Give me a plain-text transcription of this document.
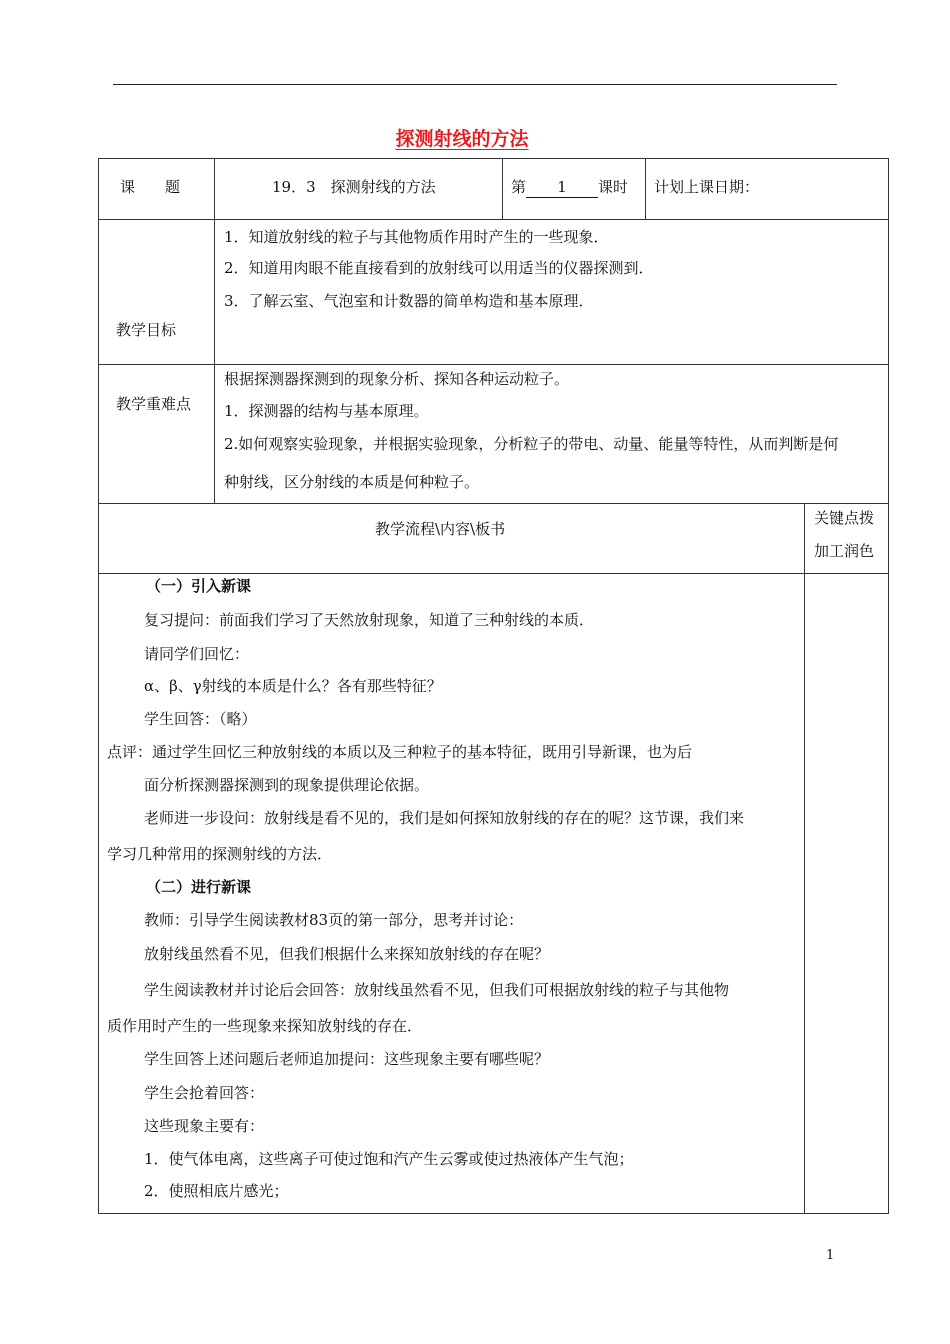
探测射线的方法
课　　题	19．3　探测射线的方法	第 1 课时 计划上课日期：
教学目标
1．知道放射线的粒子与其他物质作用时产生的一些现象．
2．知道用肉眼不能直接看到的放射线可以用适当的仪器探测到．
3．了解云室、气泡室和计数器的简单构造和基本原理．
教学重难点
根据探测器探测到的现象分析、探知各种运动粒子。
1．探测器的结构与基本原理。
2.如何观察实验现象，并根据实验现象，分析粒子的带电、动量、能量等特性，从而判断是何
种射线，区分射线的本质是何种粒子。
教学流程\内容\板书
关键点拨
加工润色
（一）引入新课
复习提问：前面我们学习了天然放射现象，知道了三种射线的本质．
请同学们回忆：
α、β、γ射线的本质是什么？各有那些特征？
学生回答：（略）
点评：通过学生回忆三种放射线的本质以及三种粒子的基本特征，既用引导新课，也为后
面分析探测器探测到的现象提供理论依据。
老师进一步设问：放射线是看不见的，我们是如何探知放射线的存在的呢？这节课，我们来
学习几种常用的探测射线的方法．
（二）进行新课
教师：引导学生阅读教材83页的第一部分，思考并讨论：
放射线虽然看不见，但我们根据什么来探知放射线的存在呢？
学生阅读教材并讨论后会回答：放射线虽然看不见，但我们可根据放射线的粒子与其他物
质作用时产生的一些现象来探知放射线的存在．
学生回答上述问题后老师追加提问：这些现象主要有哪些呢？
学生会抢着回答：
这些现象主要有：
1．使气体电离，这些离子可使过饱和汽产生云雾或使过热液体产生气泡；
2．使照相底片感光；
1
